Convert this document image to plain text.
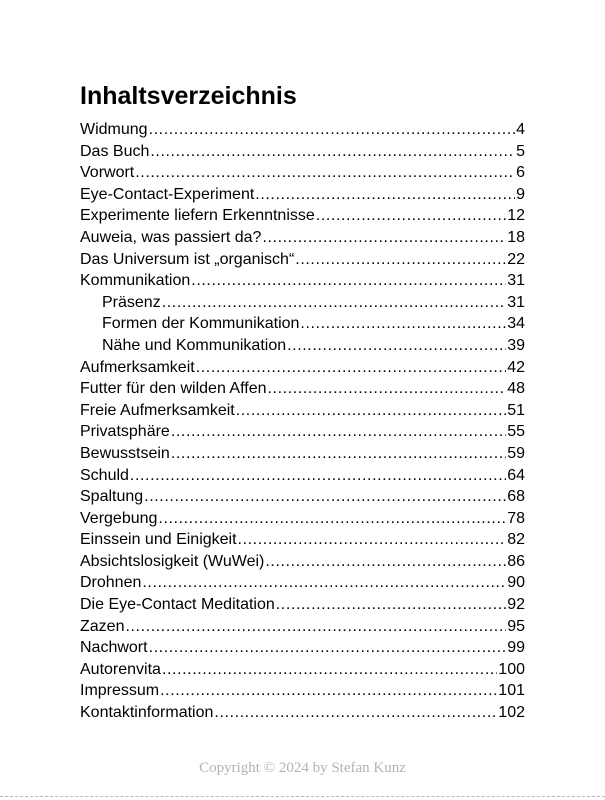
Inhaltsverzeichnis
Widmung .....	4
Das Buch .....	5
Vorwort .....	6
Eye-Contact-Experiment .....	9
Experimente liefern Erkenntnisse .....	12
Auweia, was passiert da? .....	18
Das Universum ist „organisch“ .....	22
Kommunikation .....	31
Präsenz .....	31
Formen der Kommunikation .....	34
Nähe und Kommunikation .....	39
Aufmerksamkeit .....	42
Futter für den wilden Affen .....	48
Freie Aufmerksamkeit .....	51
Privatsphäre .....	55
Bewusstsein .....	59
Schuld .....	64
Spaltung .....	68
Vergebung .....	78
Einssein und Einigkeit .....	82
Absichtslosigkeit (WuWei) .....	86
Drohnen .....	90
Die Eye-Contact Meditation .....	92
Zazen .....	95
Nachwort .....	99
Autorenvita .....	100
Impressum .....	101
Kontaktinformation .....	102
Copyright © 2024 by Stefan Kunz
